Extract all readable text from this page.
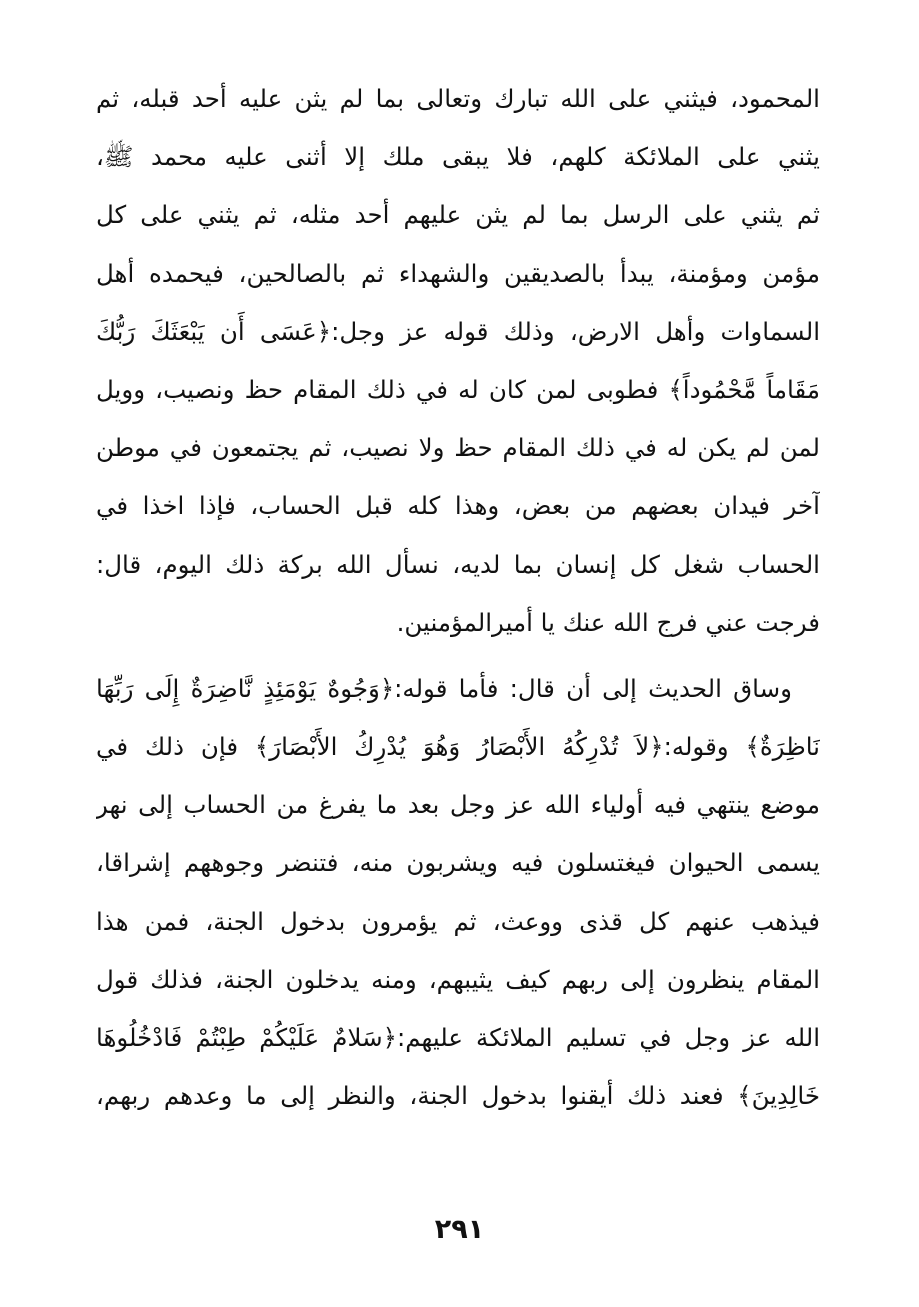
المحمود، فيثني على الله تبارك وتعالى بما لم يثن عليه أحد قبله، ثم
يثني على الملائكة كلهم، فلا يبقى ملك إلا أثنى عليه محمد ﷺ،
ثم يثني على الرسل بما لم يثن عليهم أحد مثله، ثم يثني على كل
مؤمن ومؤمنة، يبدأ بالصديقين والشهداء ثم بالصالحين، فيحمده أهل
السماوات وأهل الارض، وذلك قوله عز وجل:﴿عَسَى أَن يَبْعَثَكَ رَبُّكَ
مَقَاماً مَّحْمُوداً﴾ فطوبى لمن كان له في ذلك المقام حظ ونصيب، وويل
لمن لم يكن له في ذلك المقام حظ ولا نصيب، ثم يجتمعون في موطن
آخر فيدان بعضهم من بعض، وهذا كله قبل الحساب، فإذا اخذا في
الحساب شغل كل إنسان بما لديه، نسأل الله بركة ذلك اليوم، قال:
فرجت عني فرج الله عنك يا أميرالمؤمنين.
وساق الحديث إلى أن قال: فأما قوله:﴿وَجُوهٌ يَوْمَئِذٍ نَّاضِرَةٌ إِلَى رَبِّهَا
نَاظِرَةٌ﴾ وقوله:﴿لاَ تُدْرِكُهُ الأَبْصَارُ وَهُوَ يُدْرِكُ الأَبْصَارَ﴾ فإن ذلك في
موضع ينتهي فيه أولياء الله عز وجل بعد ما يفرغ من الحساب إلى نهر
يسمى الحيوان فيغتسلون فيه ويشربون منه، فتنضر وجوههم إشراقا،
فيذهب عنهم كل قذى ووعث، ثم يؤمرون بدخول الجنة، فمن هذا
المقام ينظرون إلى ربهم كيف يثيبهم، ومنه يدخلون الجنة، فذلك قول
الله عز وجل في تسليم الملائكة عليهم:﴿سَلامٌ عَلَيْكُمْ طِبْتُمْ فَادْخُلُوهَا
خَالِدِينَ﴾ فعند ذلك أيقنوا بدخول الجنة، والنظر إلى ما وعدهم ربهم،
٢٩١
